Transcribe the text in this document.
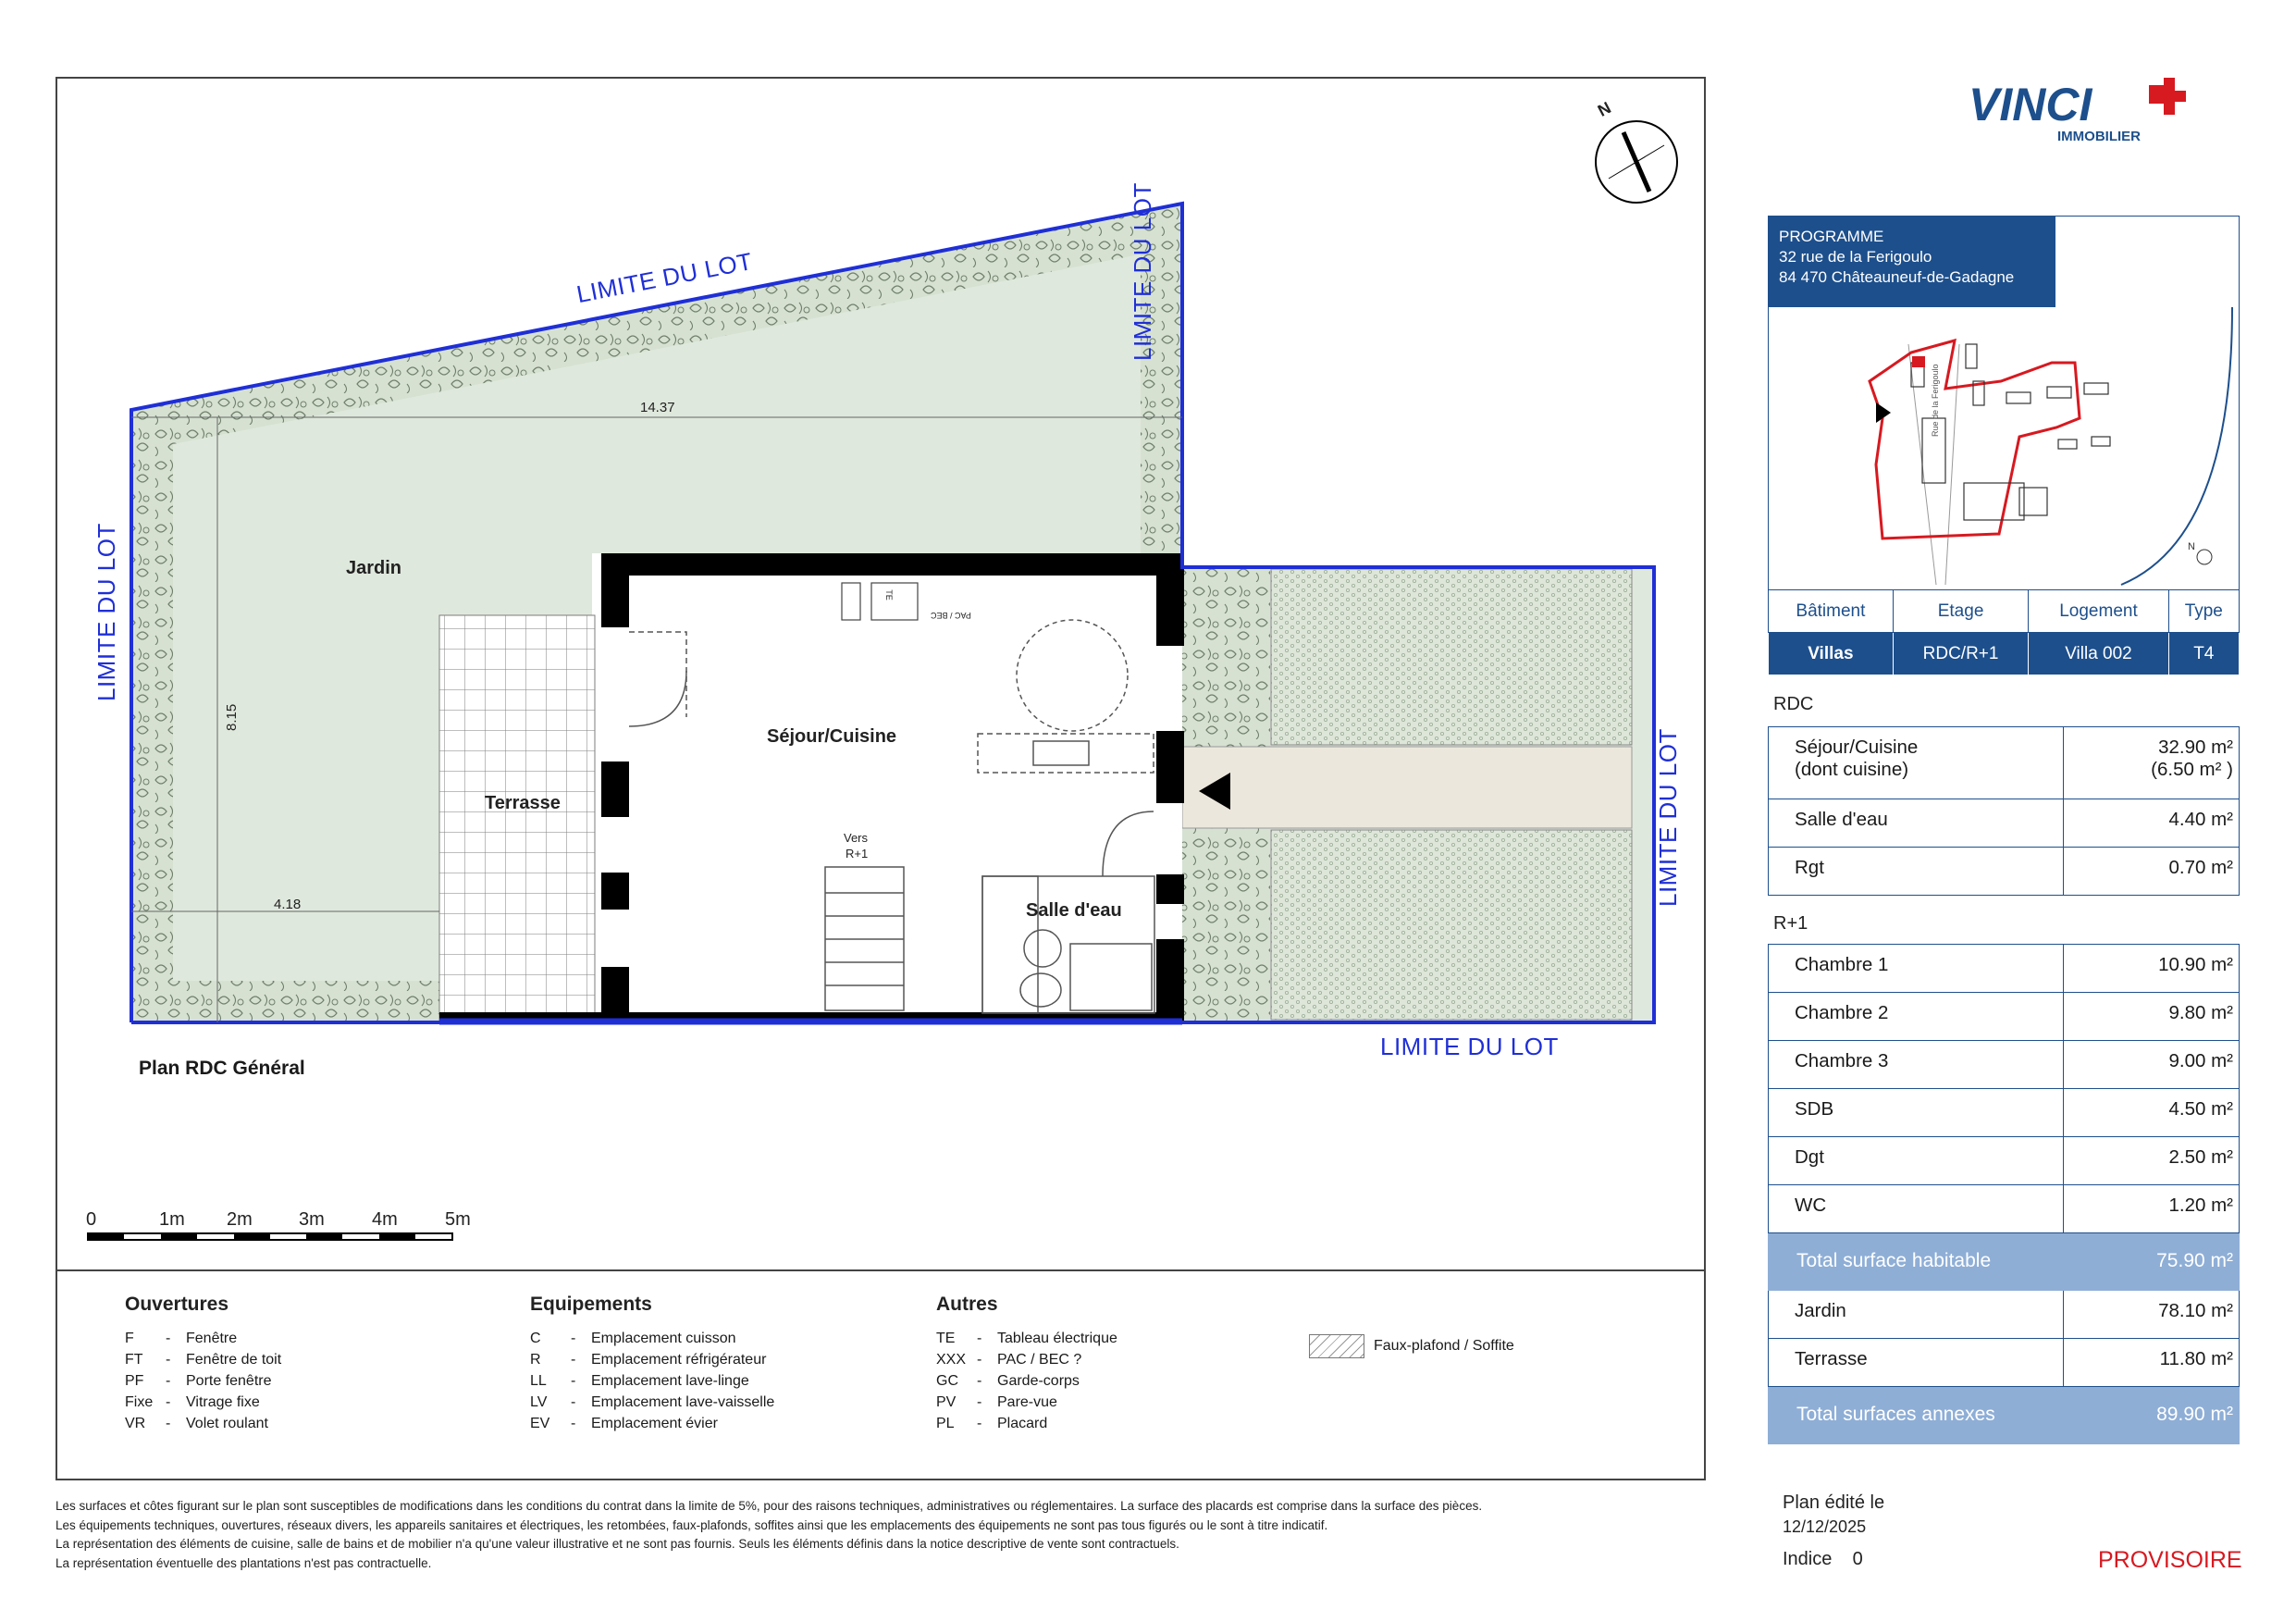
LIMITE DU LOT	LIMITE DU LOT
LIMITE DU LOT
LIMITE DU LOT
LIMITE DU LOT
Jardin
Terrasse
Séjour/Cuisine
Salle d'eau
14.37
8.15
4.18
Vers
R+1
TE
PAC / BEC
N
Plan RDC Général
0	1m 2m	3m	4m	5m
Ouvertures
F	-	Fenêtre
FT	-	Fenêtre de toit
PF	-	Porte fenêtre
Fixe -	Vitrage fixe
VR	-	Volet roulant
Equipements
C	-	Emplacement cuisson
R	-	Emplacement réfrigérateur
LL	-	Emplacement lave-linge
LV	-	Emplacement lave-vaisselle
EV	-	Emplacement évier
Autres
TE	-	Tableau électrique
XXX -	PAC / BEC ?
GC	-	Garde-corps
PV	-	Pare-vue
PL	-	Placard
Faux-plafond / Soffite
Les surfaces et côtes figurant sur le plan sont susceptibles de modifications dans les conditions du contrat dans la limite de 5%, pour des raisons techniques, administratives ou réglementaires. La surface des placards est comprise dans la surface des pièces.
Les équipements techniques, ouvertures, réseaux divers, les appareils sanitaires et électriques, les retombées, faux-plafonds, soffites ainsi que les emplacements des équipements ne sont pas tous figurés ou le sont à titre indicatif.
La représentation des éléments de cuisine, salle de bains et de mobilier n'a qu'une valeur illustrative et ne sont pas fournis. Seuls les éléments définis dans la notice descriptive de vente sont contractuels.
La représentation éventuelle des plantations n'est pas contractuelle.
VINCI
IMMOBILIER
Rue de la Ferigoulo
N
PROGRAMME
32 rue de la Ferigoulo
84 470 Châteauneuf-de-Gadagne
Bâtiment	Etage	Logement	Type
Villas	RDC/R+1	Villa 002	T4
RDC
Séjour/Cuisine
(dont cuisine)	32.90 m²
(6.50 m² )
Salle d'eau	4.40 m²
Rgt	0.70 m²
R+1
Chambre 1	10.90 m²
Chambre 2	9.80 m²
Chambre 3	9.00 m²
SDB	4.50 m²
Dgt	2.50 m²
WC	1.20 m²
Total surface habitable	75.90 m²
Jardin	78.10 m²
Terrasse	11.80 m²
Total surfaces annexes	89.90 m²
Plan édité le
12/12/2025
Indice 0	PROVISOIRE
